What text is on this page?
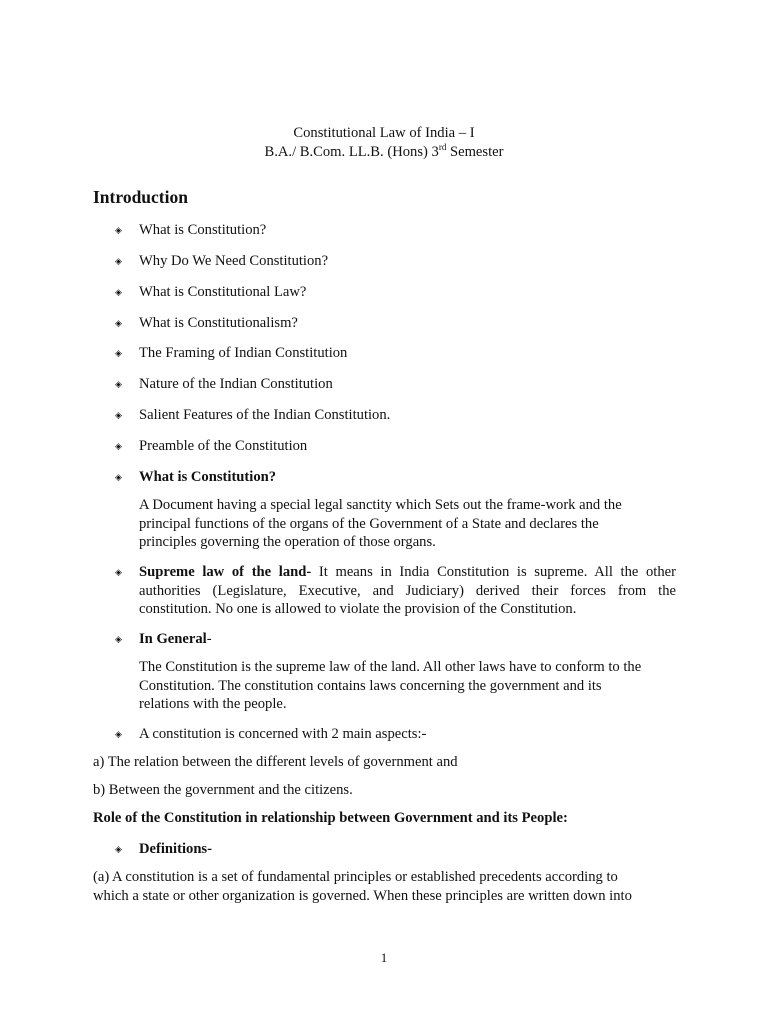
Constitutional Law of India – I
B.A./ B.Com. LL.B. (Hons) 3rd Semester
Introduction
◈ What is Constitution?
◈ Why Do We Need Constitution?
◈ What is Constitutional Law?
◈ What is Constitutionalism?
◈ The Framing of Indian Constitution
◈ Nature of the Indian Constitution
◈ Salient Features of the Indian Constitution.
◈ Preamble of the Constitution
◈ What is Constitution?
A Document having a special legal sanctity which Sets out the frame-work and the
principal functions of the organs of the Government of a State and declares the
principles governing the operation of those organs.
◈ Supreme law of the land- It means in India Constitution is supreme. All the other
authorities (Legislature, Executive, and Judiciary) derived their forces from the
constitution. No one is allowed to violate the provision of the Constitution.
◈ In General-
The Constitution is the supreme law of the land. All other laws have to conform to the
Constitution. The constitution contains laws concerning the government and its
relations with the people.
◈ A constitution is concerned with 2 main aspects:-
a) The relation between the different levels of government and
b) Between the government and the citizens.
Role of the Constitution in relationship between Government and its People:
◈ Definitions-
(a) A constitution is a set of fundamental principles or established precedents according to
which a state or other organization is governed. When these principles are written down into
1
